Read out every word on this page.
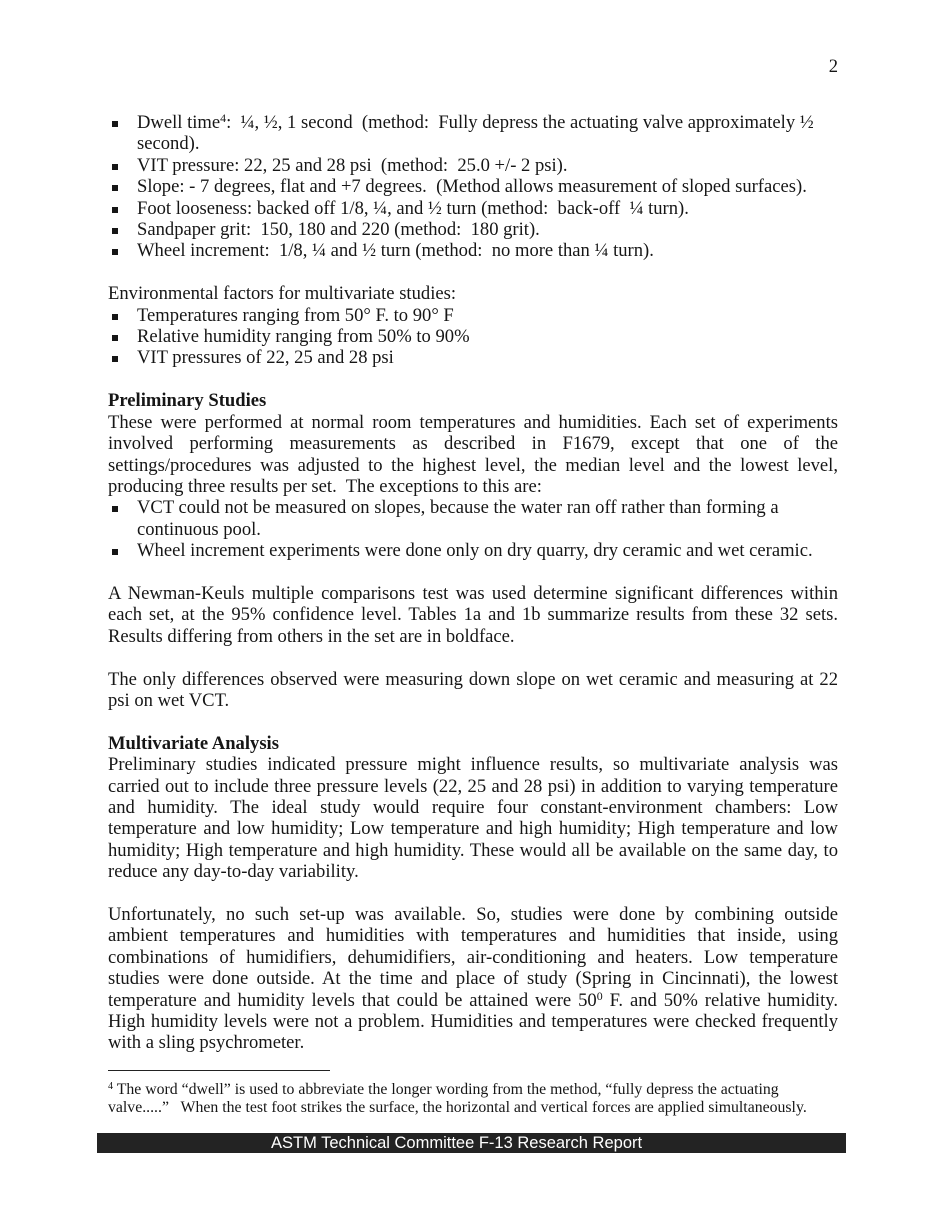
2
Dwell time$^4$:  ¼, ½, 1 second  (method:  Fully depress the actuating valve approximately ½
second).
VIT pressure: 22, 25 and 28 psi  (method:  25.0 +/- 2 psi).
Slope: - 7 degrees, flat and +7 degrees.  (Method allows measurement of sloped surfaces).
Foot looseness: backed off 1/8, ¼, and ½ turn (method:  back-off  ¼ turn).
Sandpaper grit:  150, 180 and 220 (method:  180 grit).
Wheel increment:  1/8, ¼ and ½ turn (method:  no more than ¼ turn).
Environmental factors for multivariate studies:
Temperatures ranging from 50° F. to 90° F
Relative humidity ranging from 50% to 90%
VIT pressures of 22, 25 and 28 psi
Preliminary Studies
These were performed at normal room temperatures and humidities. Each set of experiments
involved performing measurements as described in F1679, except that one of the
settings/procedures was adjusted to the highest level, the median level and the lowest level,
producing three results per set.  The exceptions to this are:
VCT could not be measured on slopes, because the water ran off rather than forming a
continuous pool.
Wheel increment experiments were done only on dry quarry, dry ceramic and wet ceramic.
A Newman-Keuls multiple comparisons test was used determine significant differences within
each set, at the 95% confidence level. Tables 1a and 1b summarize results from these 32 sets.
Results differing from others in the set are in boldface.
The only differences observed were measuring down slope on wet ceramic and measuring at 22
psi on wet VCT.
Multivariate Analysis
Preliminary studies indicated pressure might influence results, so multivariate analysis was
carried out to include three pressure levels (22, 25 and 28 psi) in addition to varying temperature
and humidity. The ideal study would require four constant-environment chambers: Low
temperature and low humidity; Low temperature and high humidity; High temperature and low
humidity; High temperature and high humidity. These would all be available on the same day, to
reduce any day-to-day variability.
Unfortunately, no such set-up was available. So, studies were done by combining outside
ambient temperatures and humidities with temperatures and humidities that inside, using
combinations of humidifiers, dehumidifiers, air-conditioning and heaters. Low temperature
studies were done outside. At the time and place of study (Spring in Cincinnati), the lowest
temperature and humidity levels that could be attained were $50^0$ F. and 50% relative humidity.
High humidity levels were not a problem. Humidities and temperatures were checked frequently
with a sling psychrometer.
$^4$ The word “dwell” is used to abbreviate the longer wording from the method, “fully depress the actuating
valve.....”   When the test foot strikes the surface, the horizontal and vertical forces are applied simultaneously.
ASTM Technical Committee F-13 Research Report
